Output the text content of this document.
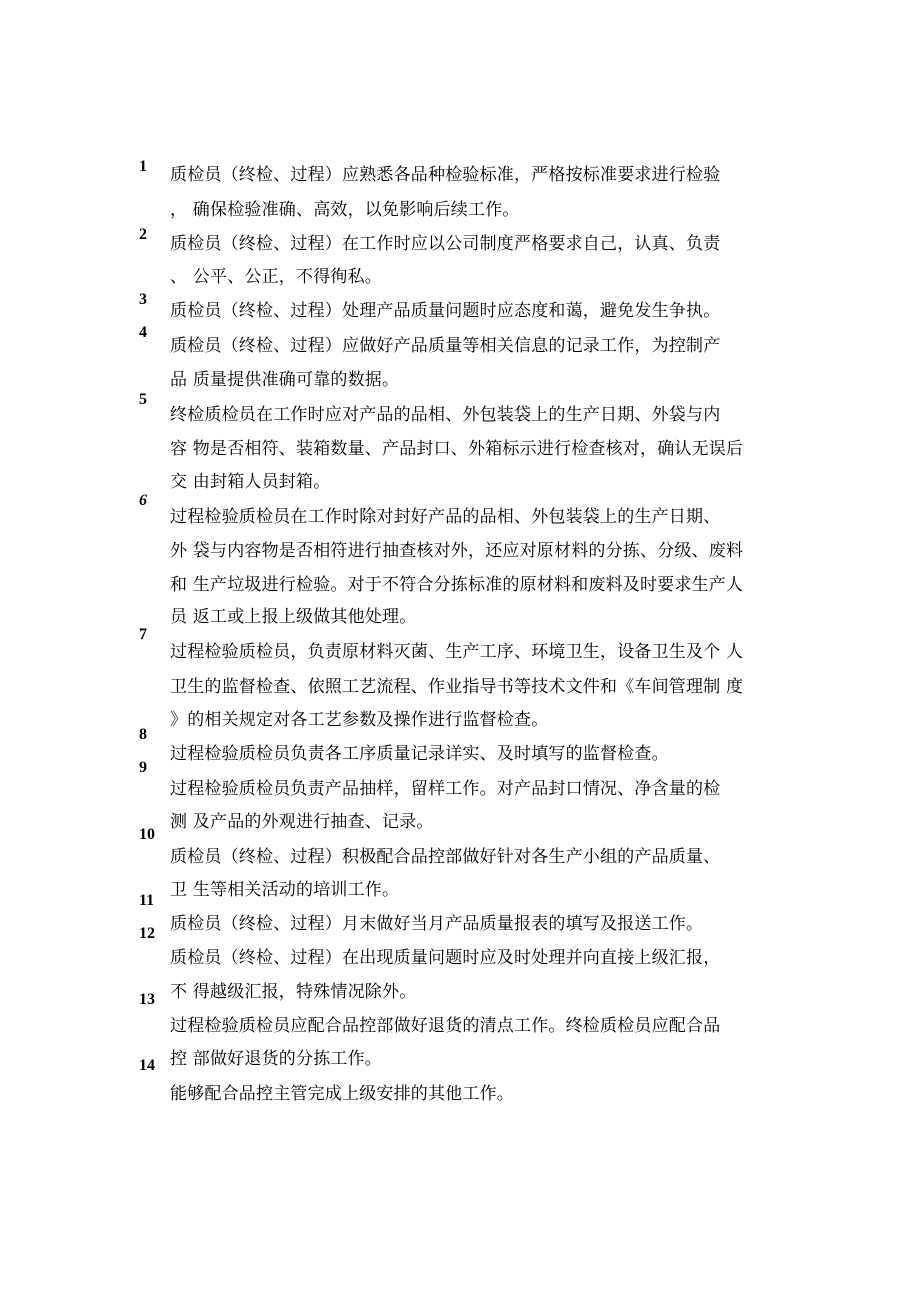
1
2
3
4
5
6
7
8
9
10
11
12
13
14
质检员（终检、过程）应熟悉各品种检验标准，严格按标准要求进行检验
， 确保检验准确、高效，以免影响后续工作。
质检员（终检、过程）在工作时应以公司制度严格要求自己，认真、负责
、 公平、公正，不得徇私。
质检员（终检、过程）处理产品质量问题时应态度和蔼，避免发生争执。
质检员（终检、过程）应做好产品质量等相关信息的记录工作，为控制产
品 质量提供准确可靠的数据。
终检质检员在工作时应对产品的品相、外包装袋上的生产日期、外袋与内
容 物是否相符、装箱数量、产品封口、外箱标示进行检查核对，确认无误后
交 由封箱人员封箱。
过程检验质检员在工作时除对封好产品的品相、外包装袋上的生产日期、
外 袋与内容物是否相符进行抽查核对外，还应对原材料的分拣、分级、废料
和 生产垃圾进行检验。对于不符合分拣标准的原材料和废料及时要求生产人
员 返工或上报上级做其他处理。
过程检验质检员，负责原材料灭菌、生产工序、环境卫生，设备卫生及个 人
卫生的监督检查、依照工艺流程、作业指导书等技术文件和《车间管理制 度
》的相关规定对各工艺参数及操作进行监督检查。
过程检验质检员负责各工序质量记录详实、及时填写的监督检查。
过程检验质检员负责产品抽样，留样工作。对产品封口情况、净含量的检
测 及产品的外观进行抽查、记录。
质检员（终检、过程）积极配合品控部做好针对各生产小组的产品质量、
卫 生等相关活动的培训工作。
质检员（终检、过程）月末做好当月产品质量报表的填写及报送工作。
质检员（终检、过程）在出现质量问题时应及时处理并向直接上级汇报，
不 得越级汇报，特殊情况除外。
过程检验质检员应配合品控部做好退货的清点工作。终检质检员应配合品
控 部做好退货的分拣工作。
能够配合品控主管完成上级安排的其他工作。
